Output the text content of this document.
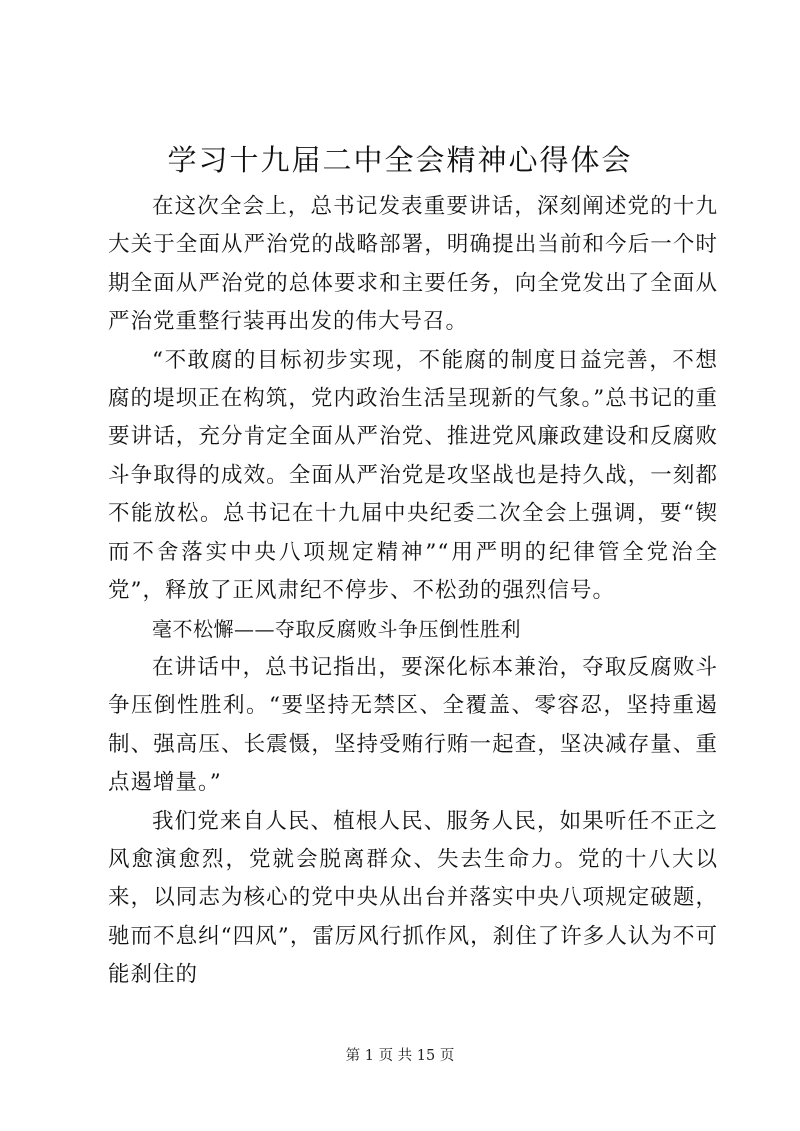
学习十九届二中全会精神心得体会

在这次全会上，总书记发表重要讲话，深刻阐述党的十九大关于全面从严治党的战略部署，明确提出当前和今后一个时期全面从严治党的总体要求和主要任务，向全党发出了全面从严治党重整行装再出发的伟大号召。

“不敢腐的目标初步实现，不能腐的制度日益完善，不想腐的堤坝正在构筑，党内政治生活呈现新的气象。”总书记的重要讲话，充分肯定全面从严治党、推进党风廉政建设和反腐败斗争取得的成效。全面从严治党是攻坚战也是持久战，一刻都不能放松。总书记在十九届中央纪委二次全会上强调，要“锲而不舍落实中央八项规定精神”“用严明的纪律管全党治全党”，释放了正风肃纪不停步、不松劲的强烈信号。

毫不松懈——夺取反腐败斗争压倒性胜利

在讲话中，总书记指出，要深化标本兼治，夺取反腐败斗争压倒性胜利。“要坚持无禁区、全覆盖、零容忍，坚持重遏制、强高压、长震慑，坚持受贿行贿一起查，坚决减存量、重点遏增量。”

我们党来自人民、植根人民、服务人民，如果听任不正之风愈演愈烈，党就会脱离群众、失去生命力。党的十八大以来，以同志为核心的党中央从出台并落实中央八项规定破题，驰而不息纠“四风”，雷厉风行抓作风，刹住了许多人认为不可能刹住的

第 1 页 共 15 页
